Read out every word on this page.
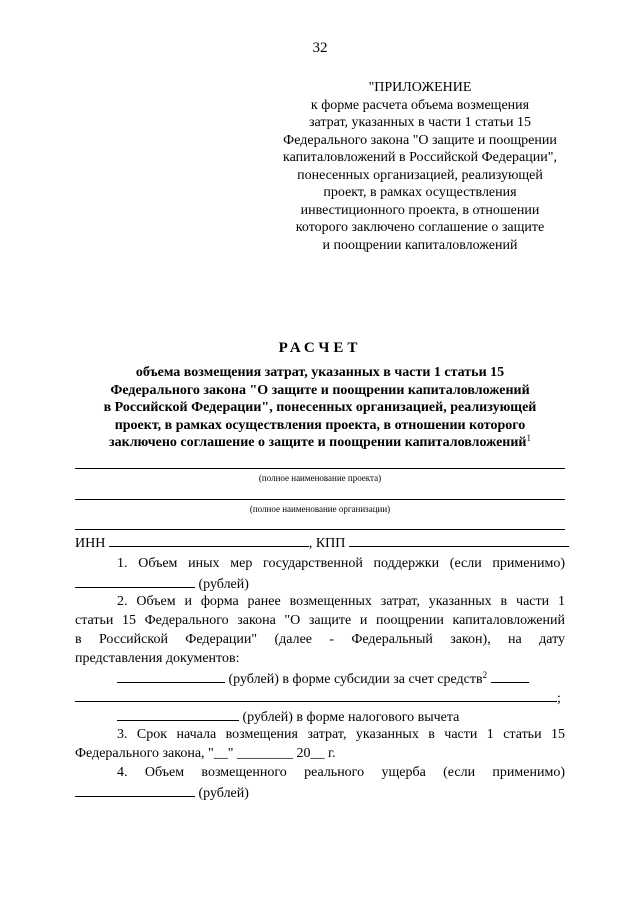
32
"ПРИЛОЖЕНИЕ
к форме расчета объема возмещения
затрат, указанных в части 1 статьи 15
Федерального закона "О защите и поощрении
капиталовложений в Российской Федерации",
понесенных организацией, реализующей
проект, в рамках осуществления
инвестиционного проекта, в отношении
которого заключено соглашение о защите
и поощрении капиталовложений
РАСЧЕТ
объема возмещения затрат, указанных в части 1 статьи 15
Федерального закона "О защите и поощрении капиталовложений
в Российской Федерации", понесенных организацией, реализующей
проект, в рамках осуществления проекта, в отношении которого
заключено соглашение о защите и поощрении капиталовложений$^1$
(полное наименование проекта)
(полное наименование организации)
ИНН	, КПП
1. Объем иных мер государственной поддержки (если применимо)
(рублей)
2. Объем и форма ранее возмещенных затрат, указанных в части 1
статьи 15 Федерального закона "О защите и поощрении капиталовложений
в Российской Федерации" (далее - Федеральный закон), на дату
представления документов:
(рублей) в форме субсидии за счет средств$^2$
;
(рублей) в форме налогового вычета
3. Срок начала возмещения затрат, указанных в части 1 статьи 15
Федерального закона, "__" ________ 20__ г.
4. Объем возмещенного реального ущерба (если применимо)
(рублей)
